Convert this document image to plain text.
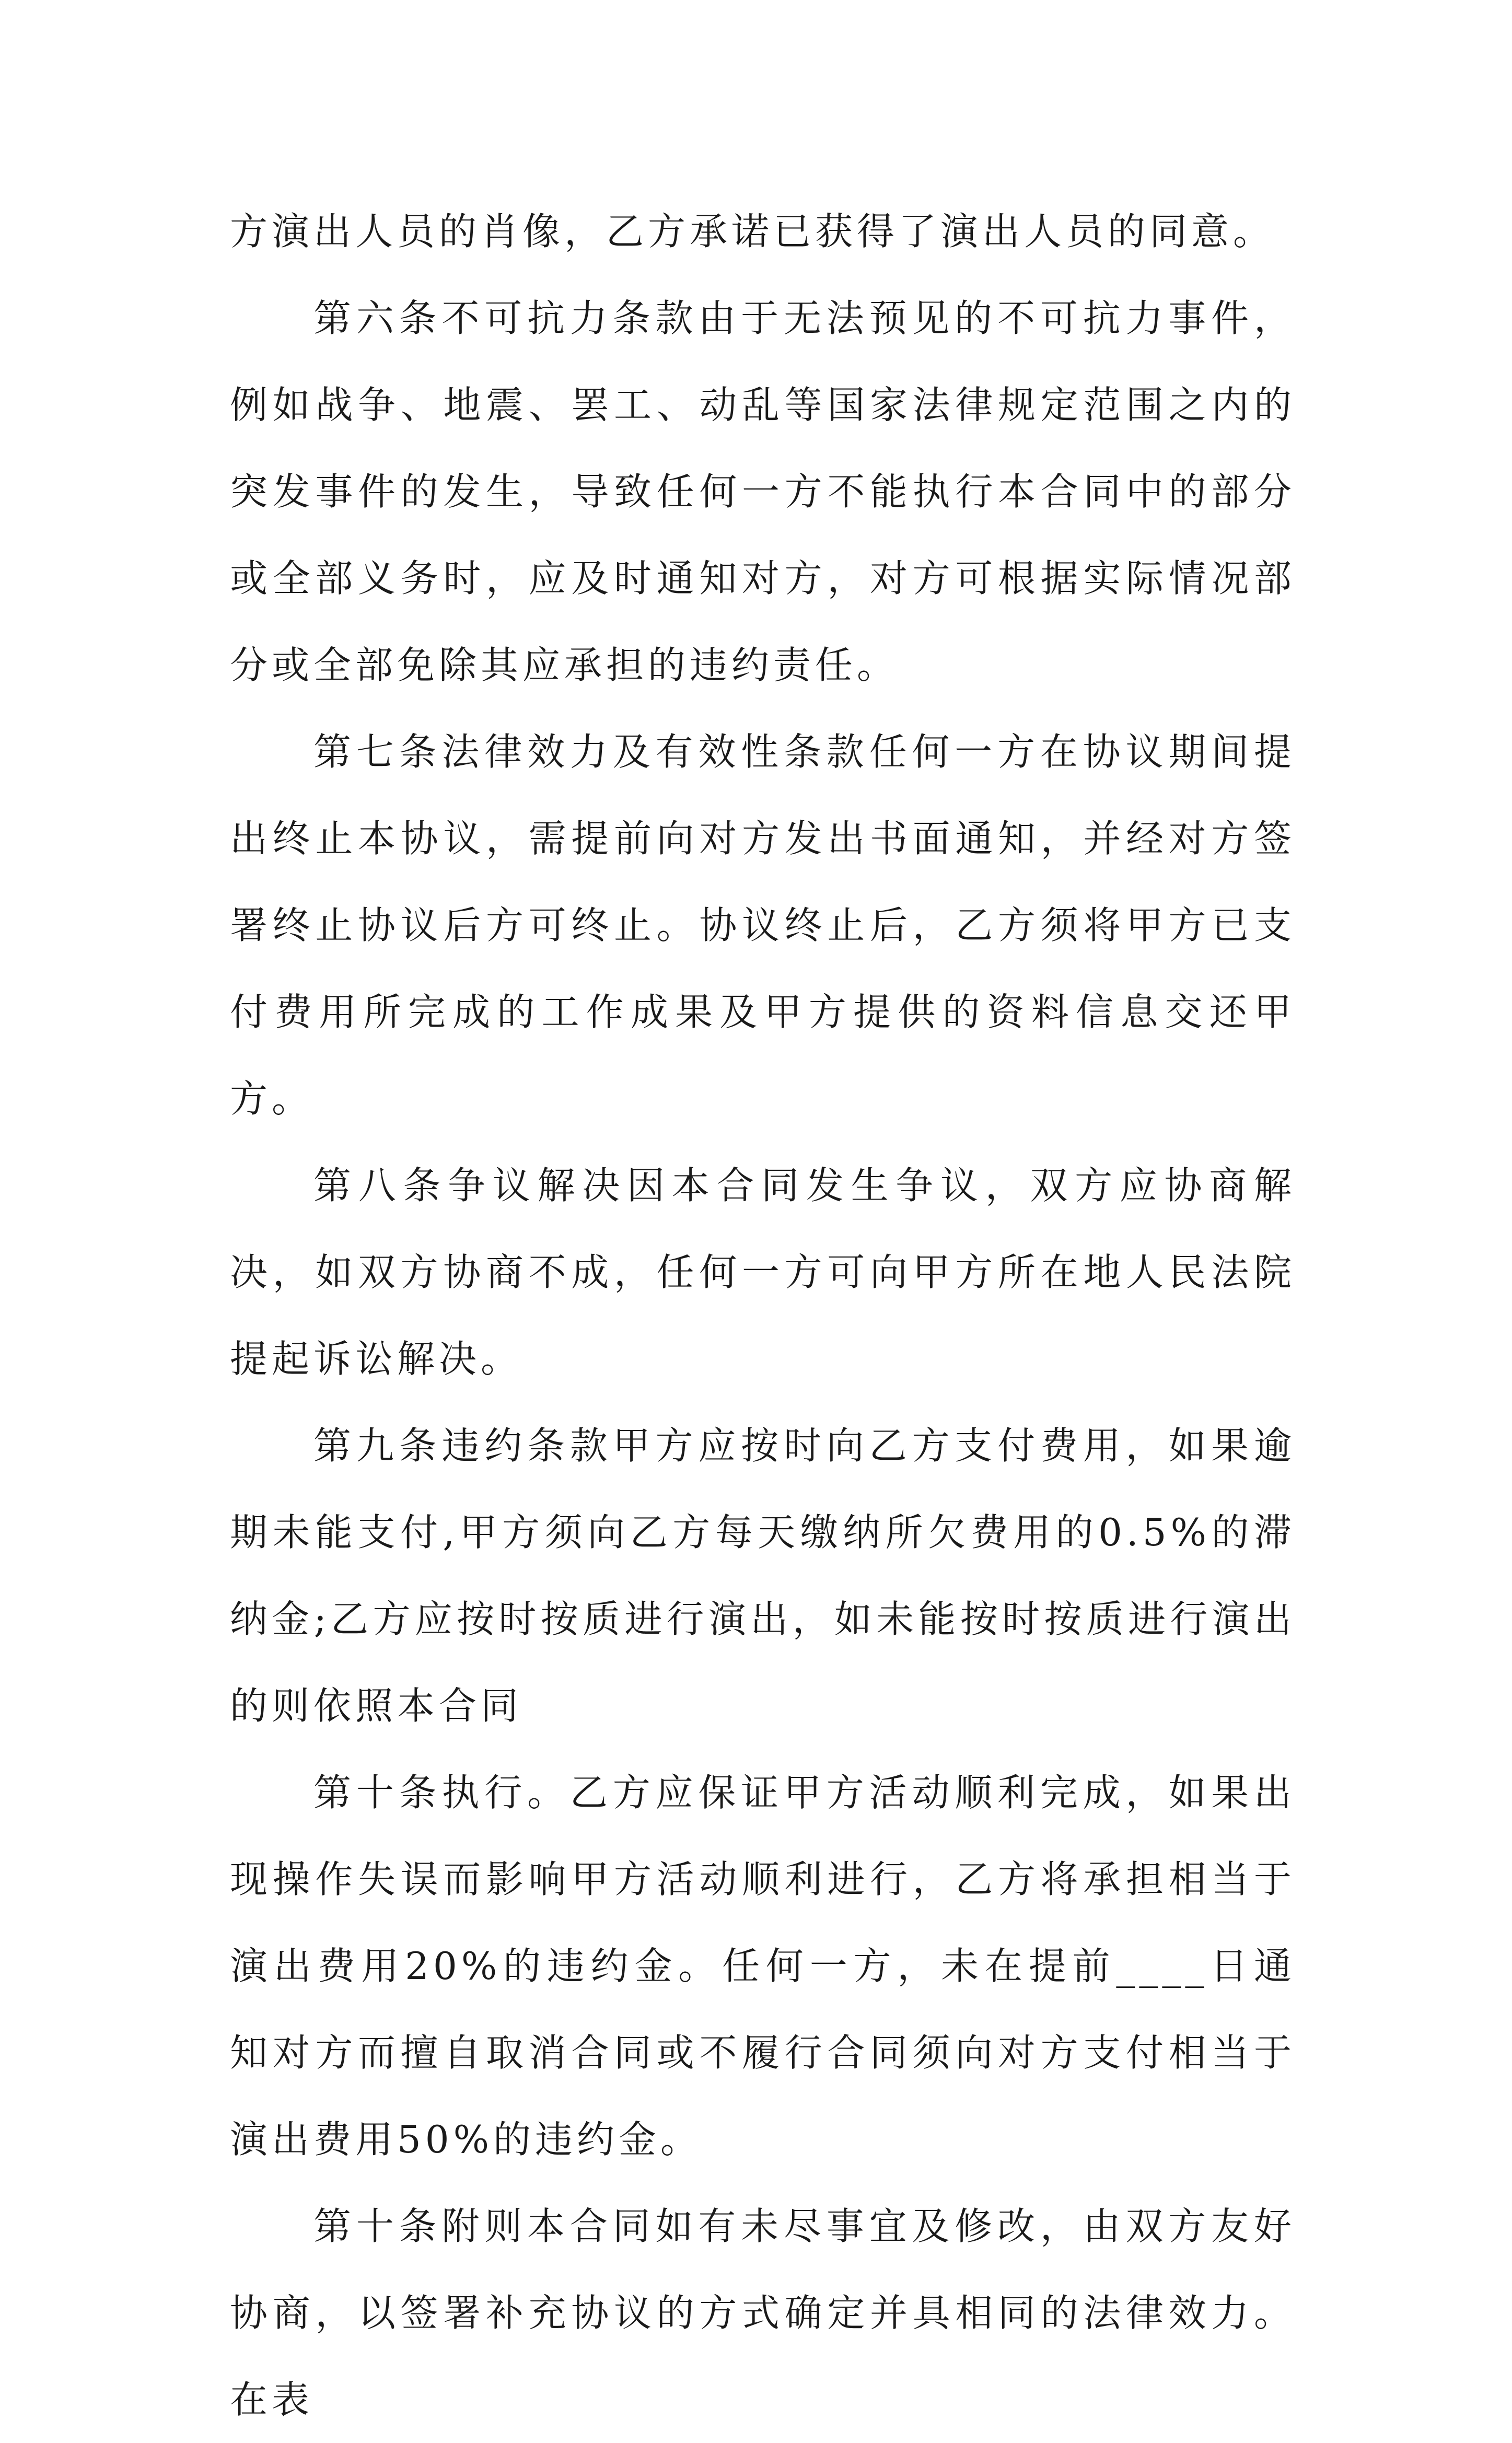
方演出人员的肖像，乙方承诺已获得了演出人员的同意。

第六条不可抗力条款由于无法预见的不可抗力事件，例如战争、地震、罢工、动乱等国家法律规定范围之内的突发事件的发生，导致任何一方不能执行本合同中的部分或全部义务时，应及时通知对方，对方可根据实际情况部分或全部免除其应承担的违约责任。

第七条法律效力及有效性条款任何一方在协议期间提出终止本协议，需提前向对方发出书面通知，并经对方签署终止协议后方可终止。协议终止后，乙方须将甲方已支付费用所完成的工作成果及甲方提供的资料信息交还甲方。

第八条争议解决因本合同发生争议，双方应协商解决，如双方协商不成，任何一方可向甲方所在地人民法院提起诉讼解决。

第九条违约条款甲方应按时向乙方支付费用，如果逾期未能支付,甲方须向乙方每天缴纳所欠费用的0.5%的滞纳金;乙方应按时按质进行演出，如未能按时按质进行演出的则依照本合同

第十条执行。乙方应保证甲方活动顺利完成，如果出现操作失误而影响甲方活动顺利进行，乙方将承担相当于演出费用20%的违约金。任何一方，未在提前____日通知对方而擅自取消合同或不履行合同须向对方支付相当于演出费用50%的违约金。

第十条附则本合同如有未尽事宜及修改，由双方友好协商，以签署补充协议的方式确定并具相同的法律效力。在表
